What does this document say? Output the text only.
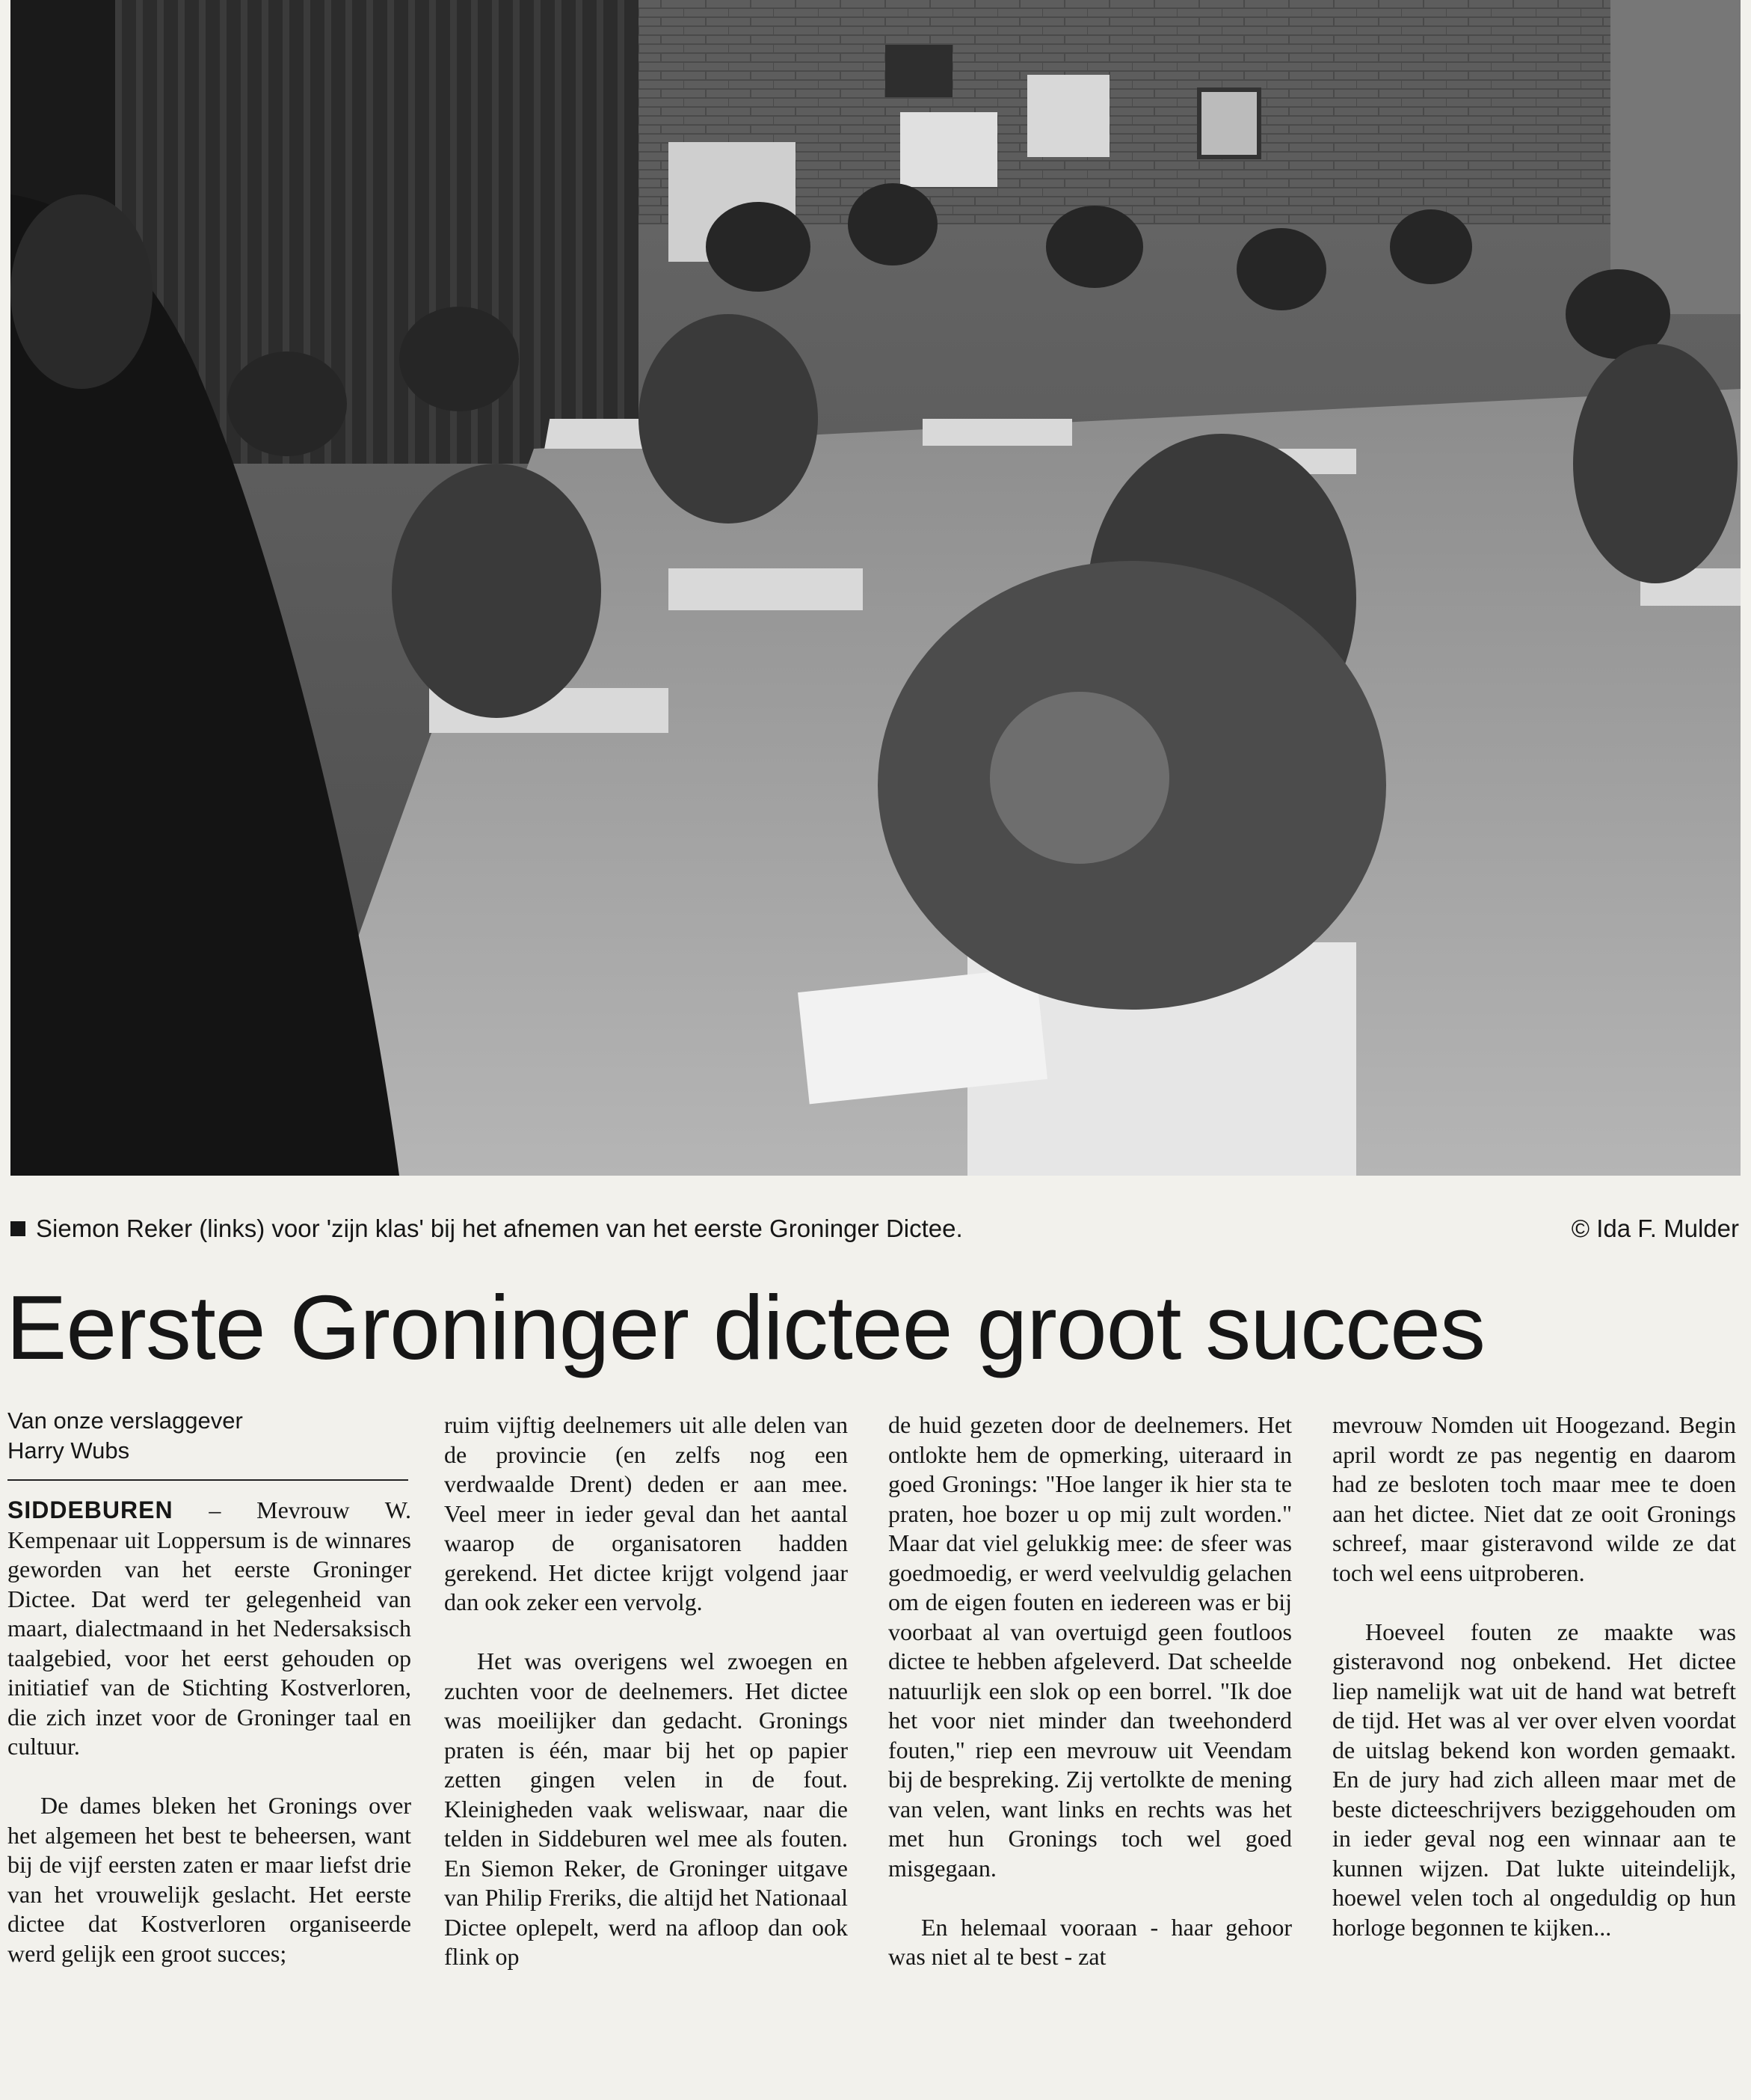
Siemon Reker (links) voor 'zijn klas' bij het afnemen van het eerste Groninger Dictee.	© Ida F. Mulder
Eerste Groninger dictee groot succes
Van onze verslaggever
Harry Wubs

SIDDEBUREN – Mevrouw W. Kempenaar uit Loppersum is de winnares geworden van het eerste Groninger Dictee. Dat werd ter gelegenheid van maart, dialectmaand in het Nedersaksisch taalgebied, voor het eerst gehouden op initiatief van de Stichting Kostverloren, die zich inzet voor de Groninger taal en cultuur.

De dames bleken het Gronings over het algemeen het best te beheersen, want bij de vijf eersten zaten er maar liefst drie van het vrouwelijk geslacht. Het eerste dictee dat Kostverloren organiseerde werd gelijk een groot succes;

ruim vijftig deelnemers uit alle delen van de provincie (en zelfs nog een verdwaalde Drent) deden er aan mee. Veel meer in ieder geval dan het aantal waarop de organisatoren hadden gerekend. Het dictee krijgt volgend jaar dan ook zeker een vervolg.

Het was overigens wel zwoegen en zuchten voor de deelnemers. Het dictee was moeilijker dan gedacht. Gronings praten is één, maar bij het op papier zetten gingen velen in de fout. Kleinigheden vaak weliswaar, naar die telden in Siddeburen wel mee als fouten. En Siemon Reker, de Groninger uitgave van Philip Freriks, die altijd het Nationaal Dictee oplepelt, werd na afloop dan ook flink op

de huid gezeten door de deelnemers. Het ontlokte hem de opmerking, uiteraard in goed Gronings: "Hoe langer ik hier sta te praten, hoe bozer u op mij zult worden." Maar dat viel gelukkig mee: de sfeer was goedmoedig, er werd veelvuldig gelachen om de eigen fouten en iedereen was er bij voorbaat al van overtuigd geen foutloos dictee te hebben afgeleverd. Dat scheelde natuurlijk een slok op een borrel. "Ik doe het voor niet minder dan tweehonderd fouten," riep een mevrouw uit Veendam bij de bespreking. Zij vertolkte de mening van velen, want links en rechts was het met hun Gronings toch wel goed misgegaan.

En helemaal vooraan - haar gehoor was niet al te best - zat

mevrouw Nomden uit Hoogezand. Begin april wordt ze pas negentig en daarom had ze besloten toch maar mee te doen aan het dictee. Niet dat ze ooit Gronings schreef, maar gisteravond wilde ze dat toch wel eens uitproberen.

Hoeveel fouten ze maakte was gisteravond nog onbekend. Het dictee liep namelijk wat uit de hand wat betreft de tijd. Het was al ver over elven voordat de uitslag bekend kon worden gemaakt. En de jury had zich alleen maar met de beste dicteeschrijvers beziggehouden om in ieder geval nog een winnaar aan te kunnen wijzen. Dat lukte uiteindelijk, hoewel velen toch al ongeduldig op hun horloge begonnen te kijken...
